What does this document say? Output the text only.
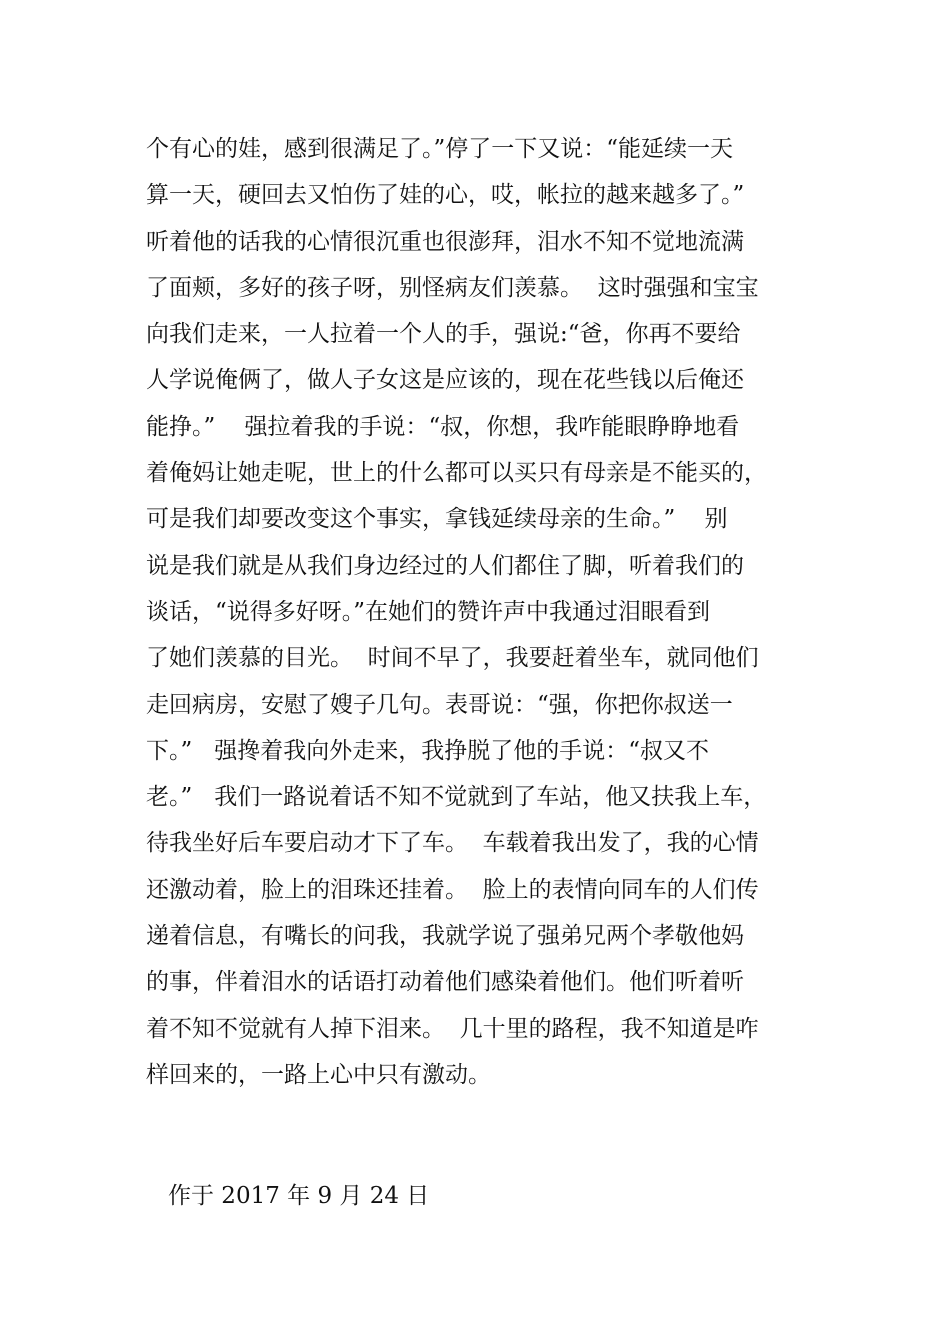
个有心的娃，感到很满足了。”停了一下又说：“能延续一天
算一天，硬回去又怕伤了娃的心，哎，帐拉的越来越多了。”
听着他的话我的心情很沉重也很澎拜，泪水不知不觉地流满
了面颊，多好的孩子呀，别怪病友们羡慕。  这时强强和宝宝
向我们走来，一人拉着一个人的手，强说:“爸，你再不要给
人学说俺俩了，做人子女这是应该的，现在花些钱以后俺还
能挣。”    强拉着我的手说：“叔，你想，我咋能眼睁睁地看
着俺妈让她走呢，世上的什么都可以买只有母亲是不能买的，
可是我们却要改变这个事实，拿钱延续母亲的生命。”    别
说是我们就是从我们身边经过的人们都住了脚，听着我们的
谈话，“说得多好呀。”在她们的赞许声中我通过泪眼看到
了她们羡慕的目光。  时间不早了，我要赶着坐车，就同他们
走回病房，安慰了嫂子几句。表哥说：“强，你把你叔送一
下。”   强搀着我向外走来，我挣脱了他的手说：“叔又不
老。”   我们一路说着话不知不觉就到了车站，他又扶我上车，
待我坐好后车要启动才下了车。  车载着我出发了，我的心情
还激动着，脸上的泪珠还挂着。  脸上的表情向同车的人们传
递着信息，有嘴长的问我，我就学说了强弟兄两个孝敬他妈
的事，伴着泪水的话语打动着他们感染着他们。他们听着听
着不知不觉就有人掉下泪来。  几十里的路程，我不知道是咋
样回来的，一路上心中只有激动。
作于 2017 年 9 月 24 日
